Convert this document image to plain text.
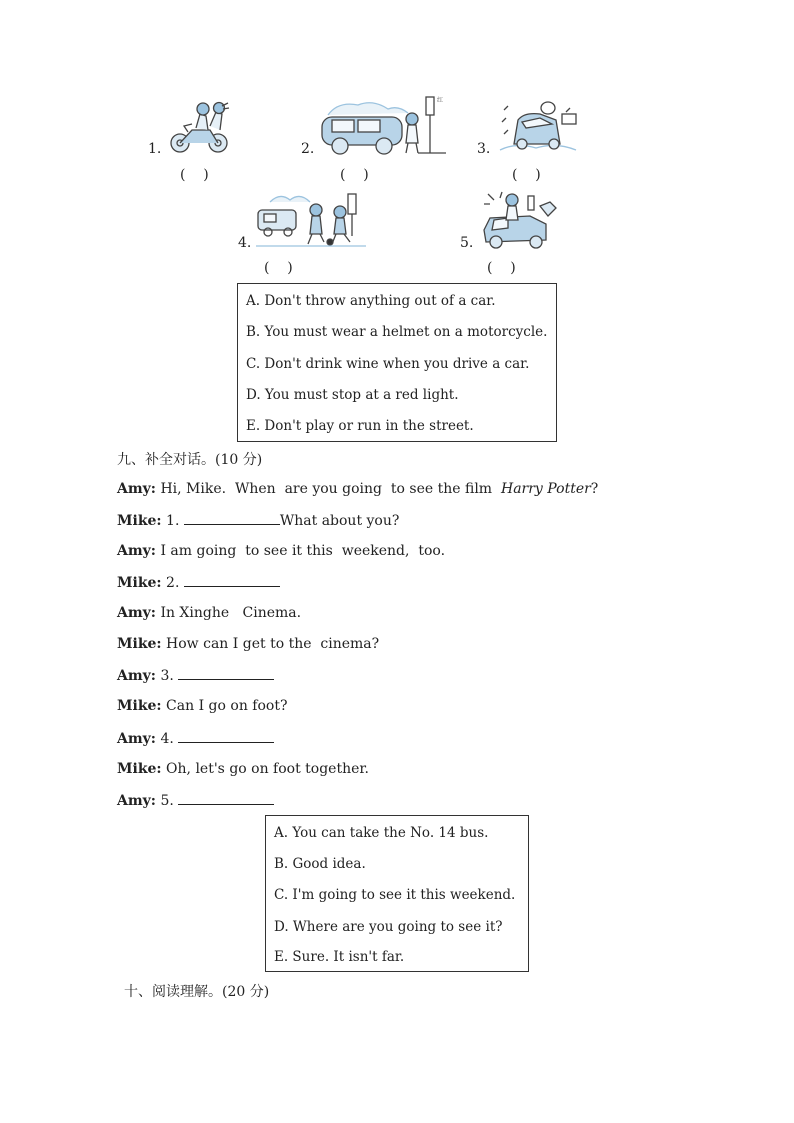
1.
(    )
2.
红
(    )
3.
(    )
4.
(    )
5.
(    )
A. Don't throw anything out of a car.
B. You must wear a helmet on a motorcycle.
C. Don't drink wine when you drive a car.
D. You must stop at a red light.
E. Don't play or run in the street.
九、补全对话。(10 分)
Amy: Hi, Mike.  When  are you going  to see the film  Harry Potter?
Mike: 1.	What about you?
Amy: I am going  to see it this  weekend,  too.
Mike: 2.
Amy: In Xinghe   Cinema.
Mike: How can I get to the  cinema?
Amy: 3.
Mike: Can I go on foot?
Amy: 4.
Mike: Oh, let's go on foot together.
Amy: 5.
A. You can take the No. 14 bus.
B. Good idea.
C. I'm going to see it this weekend.
D. Where are you going to see it?
E. Sure. It isn't far.
十、阅读理解。(20 分)
